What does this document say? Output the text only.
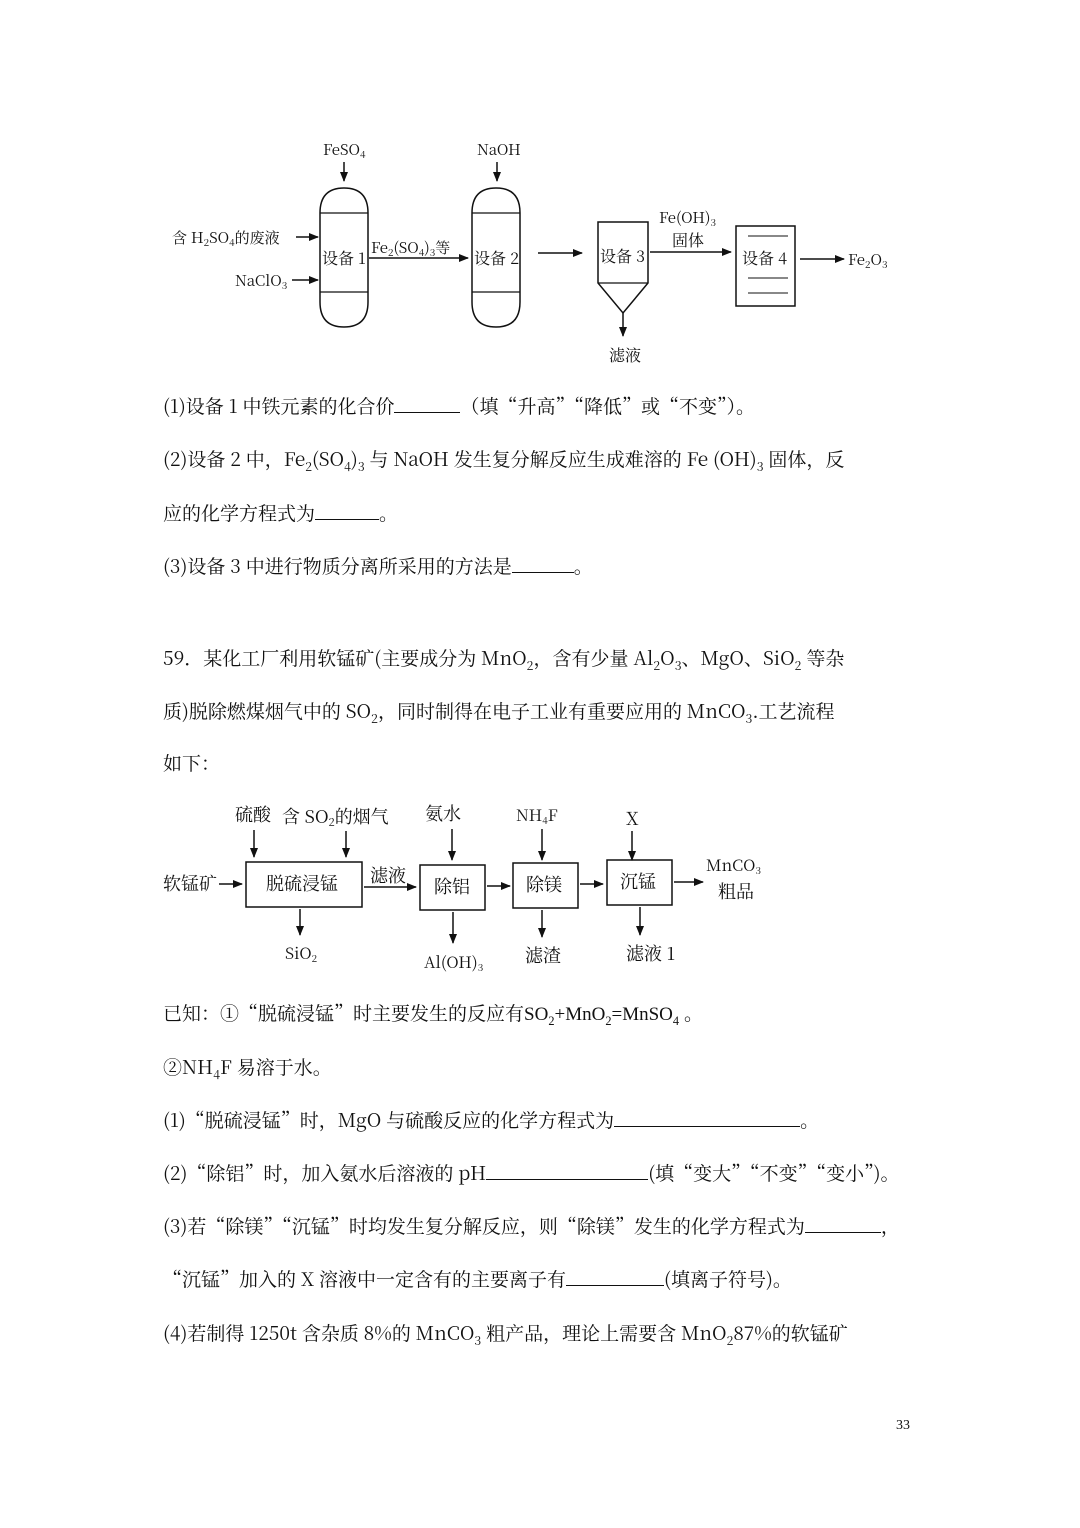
FeSO$_4$	NaOH
含 $H_2SO_4$的废液
NaClO$_3$
设备 1 $Fe_2(SO_4)_3$等 设备 2	设备 3
滤液
$Fe(OH)_3$
固体
设备 4	$Fe_2O_3$
(1)设备 1 中铁元素的化合价	（填“升高”“降低”或“不变”）。
(2)设备 2 中，$Fe_2(SO_4)_3$ 与 NaOH 发生复分解反应生成难溶的 Fe $(OH)_3$ 固体，反
应的化学方程式为	。
(3)设备 3 中进行物质分离所采用的方法是	。
59．某化工厂利用软锰矿(主要成分为 MnO$_2$，含有少量 $Al_2O_3$、MgO、SiO$_2$ 等杂
质)脱除燃煤烟气中的 $SO_2$，同时制得在电子工业有重要应用的 MnCO$_3$.工艺流程
如下：
硫酸 含 SO2的烟气 氨水	NH4F	X
软锰矿	脱硫浸锰 滤液 除铝	除镁	沉锰
MnCO3
粗品
SiO2	Al(OH)3 滤渣	滤液 1
已知：①“脱硫浸锰”时主要发生的反应有$SO_2+MnO_2=MnSO_4$ 。
$②NH_4F$ 易溶于水。
(1)“脱硫浸锰”时，MgO 与硫酸反应的化学方程式为	。
(2)“除铝”时，加入氨水后溶液的 pH	(填“变大”“不变”“变小”)。
(3)若“除镁”“沉锰”时均发生复分解反应，则“除镁”发生的化学方程式为	，
“沉锰”加入的 X 溶液中一定含有的主要离子有	(填离子符号)。
(4)若制得 1250t 含杂质 8%的 MnCO$_3$ 粗产品，理论上需要含 MnO$_2$87%的软锰矿
33
